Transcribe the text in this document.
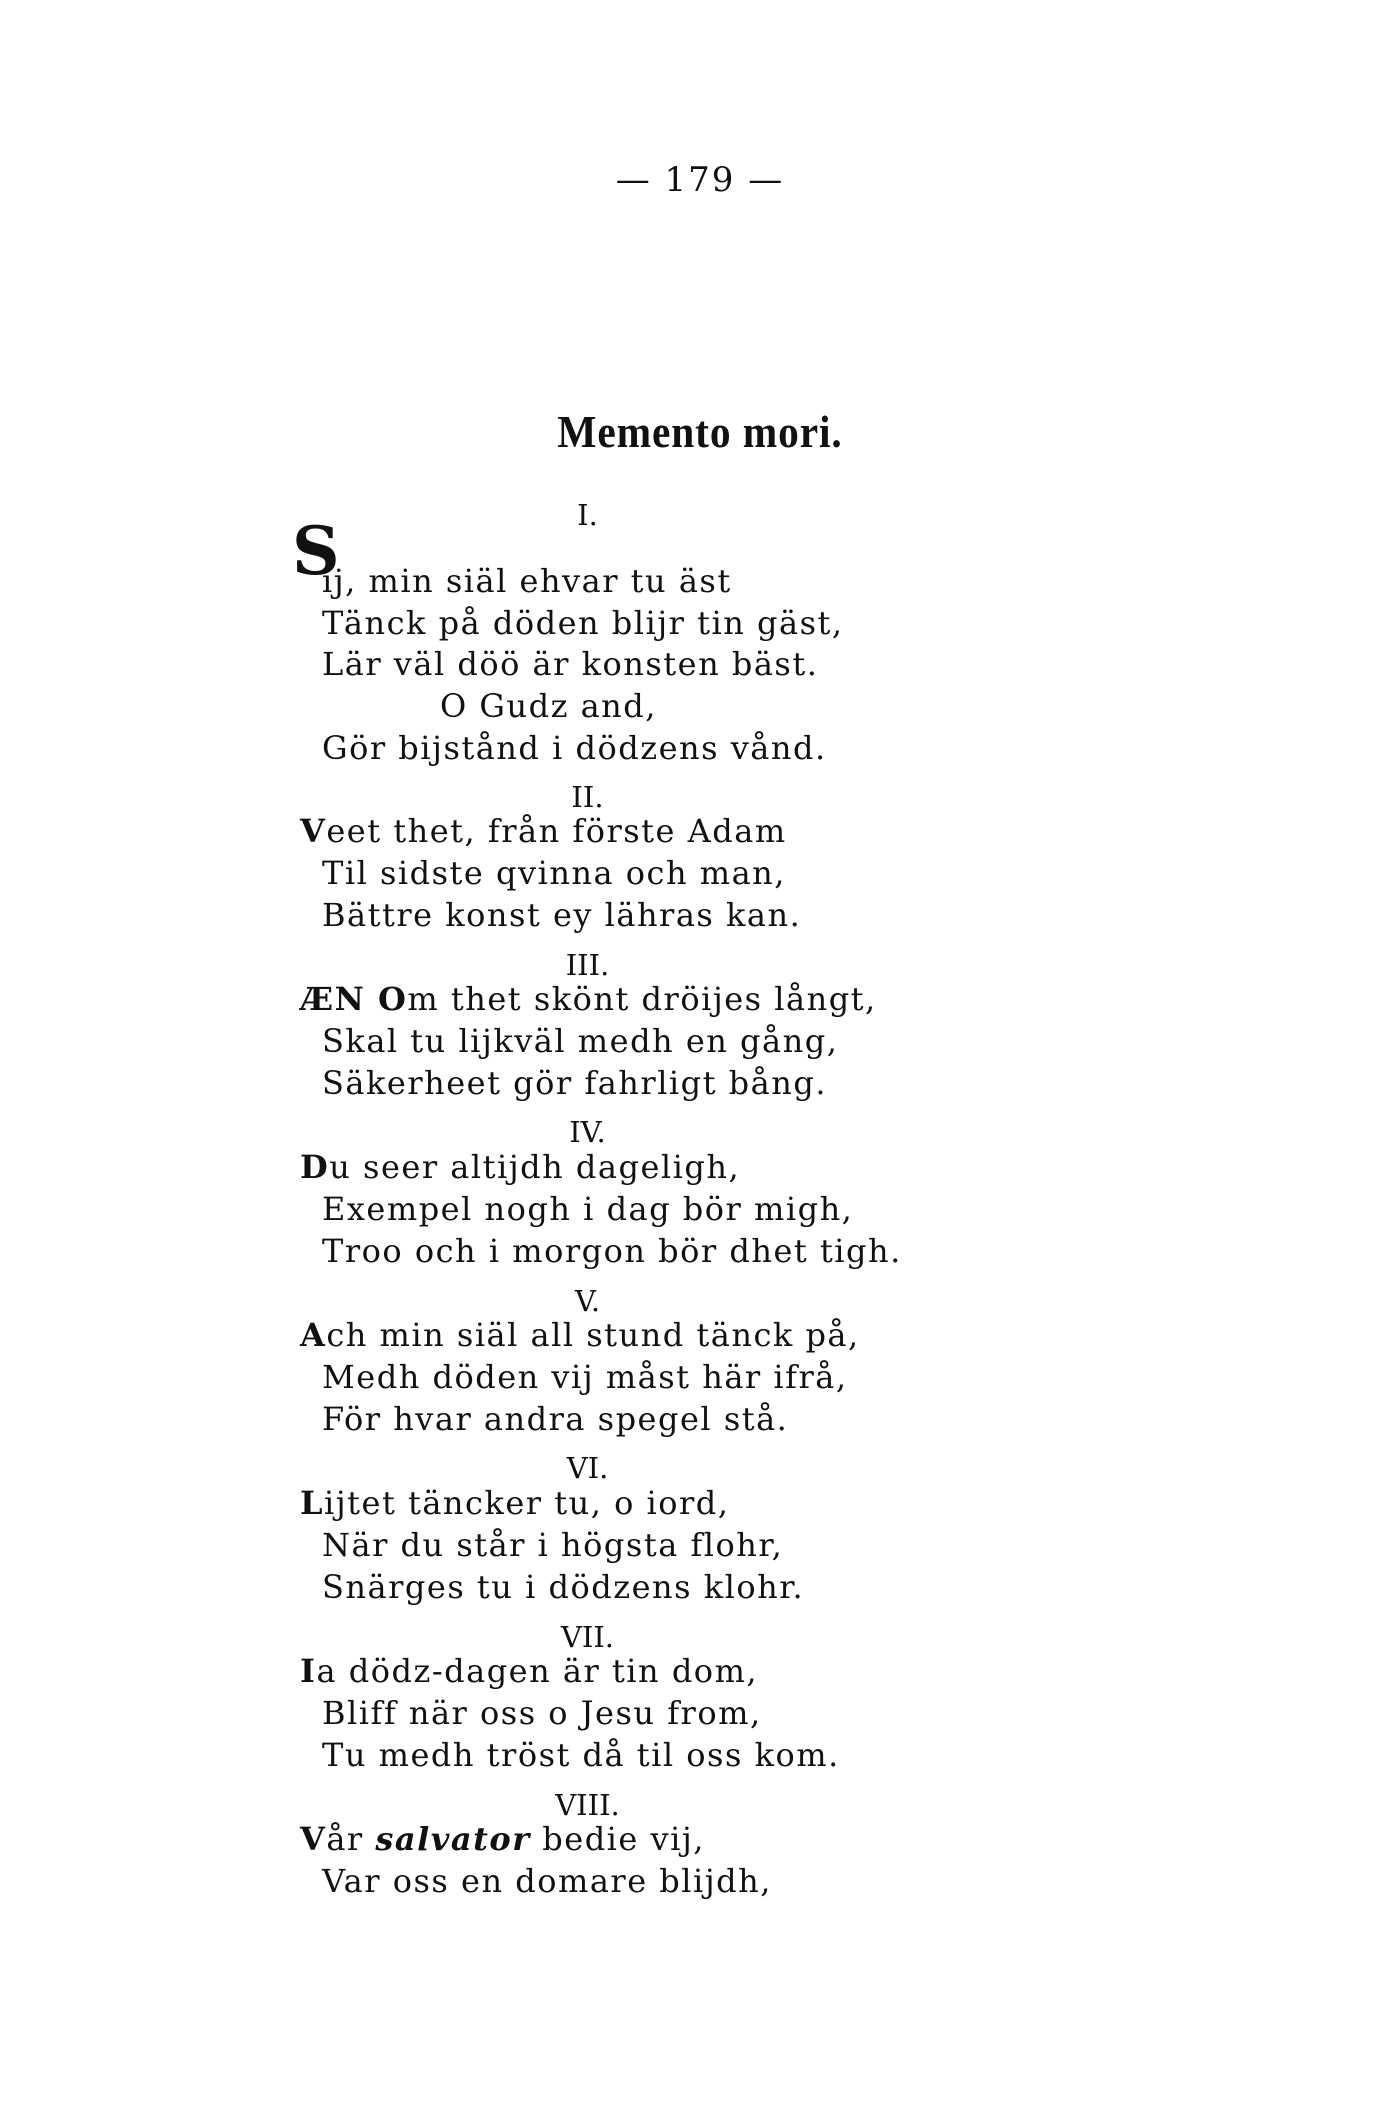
— 179 —
Memento mori.
I.
S
ij, min siäl ehvar tu äst
Tänck på döden blijr tin gäst,
Lär väl döö är konsten bäst.
O Gudz and,
Gör bijstånd i dödzens vånd.
II.
Veet thet, från förste Adam
Til sidste qvinna och man,
Bättre konst ey lähras kan.
III.
ÆN Om thet skönt dröijes långt,
Skal tu lijkväl medh en gång,
Säkerheet gör fahrligt bång.
IV.
Du seer altijdh dageligh,
Exempel nogh i dag bör migh,
Troo och i morgon bör dhet tigh.
V.
Ach min siäl all stund tänck på,
Medh döden vij måst här ifrå,
För hvar andra spegel stå.
VI.
Lijtet täncker tu, o iord,
När du står i högsta flohr,
Snärges tu i dödzens klohr.
VII.
Ia dödz-dagen är tin dom,
Bliff när oss o Jesu from,
Tu medh tröst då til oss kom.
VIII.
Vår salvator bedie vij,
Var oss en domare blijdh,
